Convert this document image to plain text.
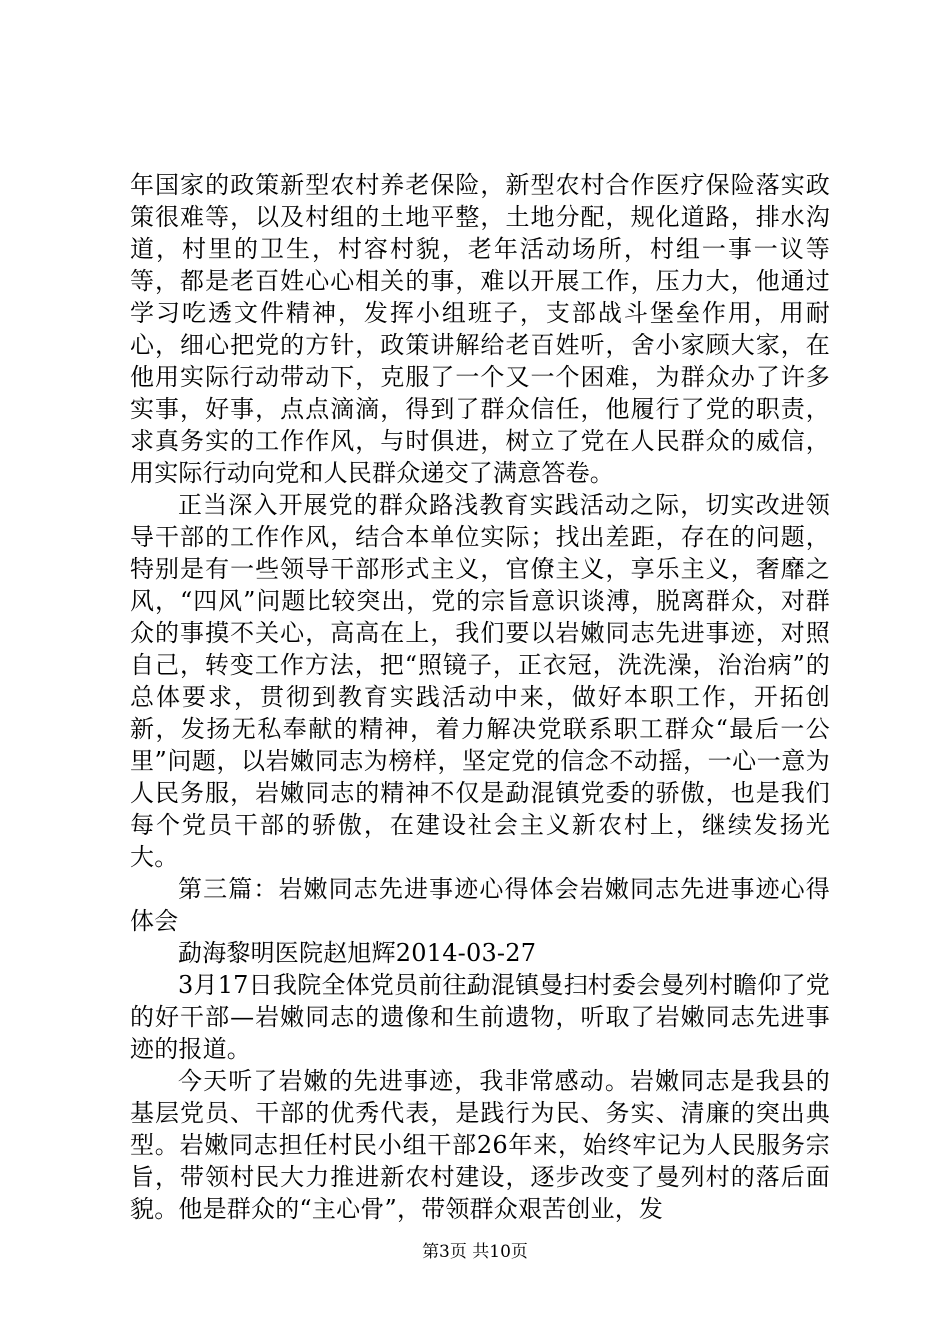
年国家的政策新型农村养老保险，新型农村合作医疗保险落实政策很难等，以及村组的土地平整，土地分配，规化道路，排水沟道，村里的卫生，村容村貌，老年活动场所，村组一事一议等等，都是老百姓心心相关的事，难以开展工作，压力大，他通过学习吃透文件精神，发挥小组班子，支部战斗堡垒作用，用耐心，细心把党的方针，政策讲解给老百姓听，舍小家顾大家，在他用实际行动带动下，克服了一个又一个困难，为群众办了许多实事，好事，点点滴滴，得到了群众信任，他履行了党的职责，求真务实的工作作风，与时俱进，树立了党在人民群众的威信，用实际行动向党和人民群众递交了满意答卷。

正当深入开展党的群众路浅教育实践活动之际，切实改进领导干部的工作作风，结合本单位实际；找出差距，存在的问题，特别是有一些领导干部形式主义，官僚主义，享乐主义，奢靡之风，“四风”问题比较突出，党的宗旨意识谈溥，脱离群众，对群众的事摸不关心，高高在上，我们要以岩嫩同志先进事迹，对照自己，转变工作方法，把“照镜子，正衣冠，洗洗澡，治治病”的总体要求，贯彻到教育实践活动中来，做好本职工作，开拓创新，发扬无私奉献的精神，着力解决党联系职工群众“最后一公里”问题，以岩嫩同志为榜样，坚定党的信念不动摇，一心一意为人民务服，岩嫩同志的精神不仅是勐混镇党委的骄傲，也是我们每个党员干部的骄傲，在建设社会主义新农村上，继续发扬光大。

第三篇：岩嫩同志先进事迹心得体会岩嫩同志先进事迹心得体会

勐海黎明医院赵旭辉2014-03-27

3月17日我院全体党员前往勐混镇曼扫村委会曼列村瞻仰了党的好干部—岩嫩同志的遗像和生前遗物，听取了岩嫩同志先进事迹的报道。

今天听了岩嫩的先进事迹，我非常感动。岩嫩同志是我县的基层党员、干部的优秀代表，是践行为民、务实、清廉的突出典型。岩嫩同志担任村民小组干部26年来，始终牢记为人民服务宗旨，带领村民大力推进新农村建设，逐步改变了曼列村的落后面貌。他是群众的“主心骨”，带领群众艰苦创业，发

第3页 共10页
